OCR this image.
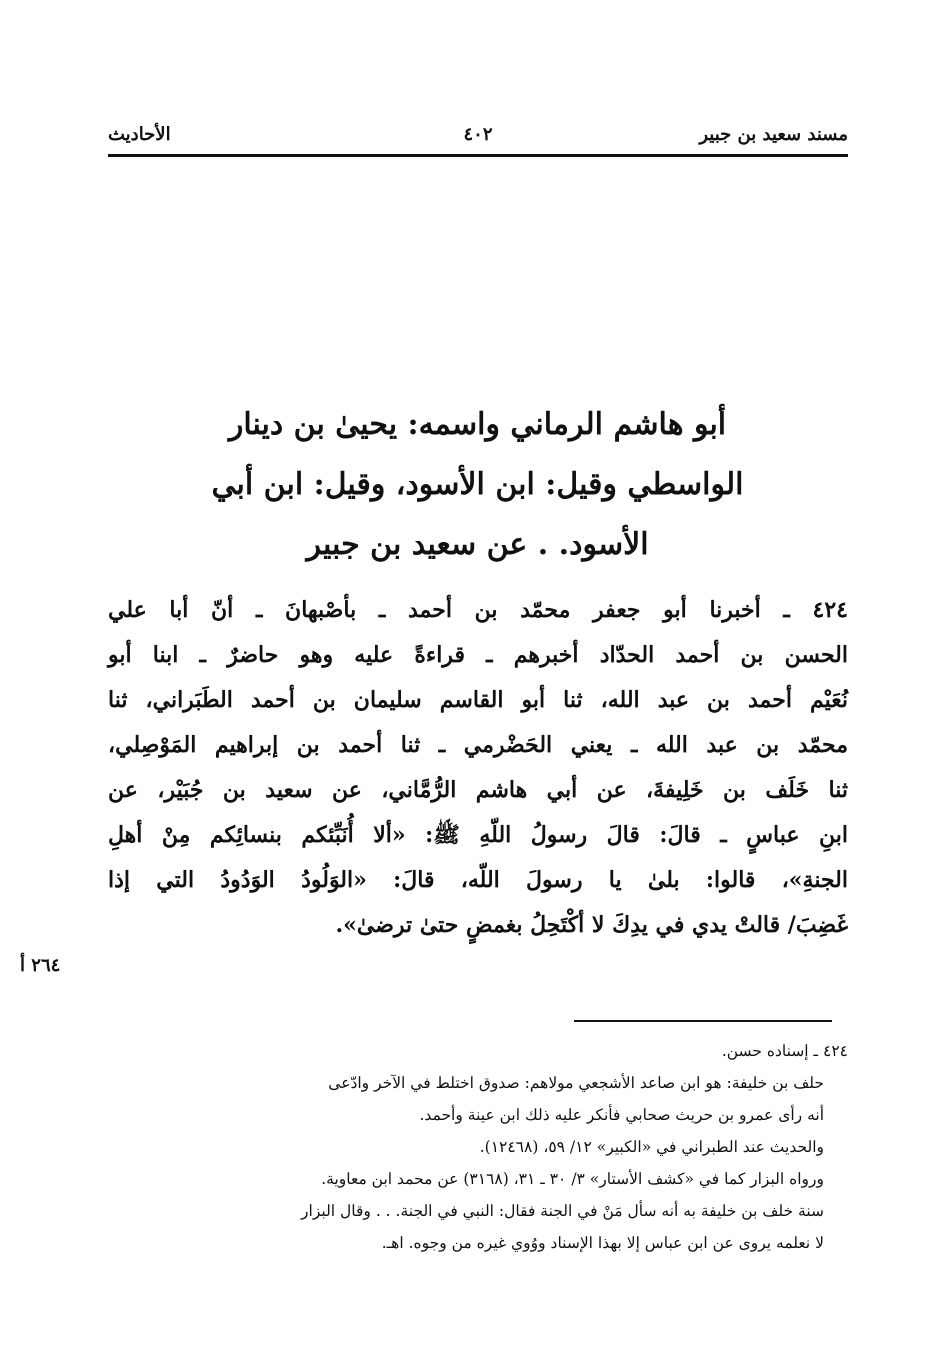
مسند سعيد بن جبير
٤٠٢
الأحاديث
أبو هاشم الرماني واسمه: يحيىٰ بن دينار
الواسطي وقيل: ابن الأسود، وقيل: ابن أبي
الأسود. . عن سعيد بن جبير
٤٢٤ ـ أخبرنا أبو جعفر محمّد بن أحمد ـ بأصْبهانَ ـ أنّ أبا علي
الحسن بن أحمد الحدّاد أخبرهم ـ قراءةً عليه وهو حاضرٌ ـ ابنا أبو
نُعَيْم أحمد بن عبد الله، ثنا أبو القاسم سليمان بن أحمد الطَبَراني، ثنا
محمّد بن عبد الله ـ يعني الحَضْرمي ـ ثنا أحمد بن إبراهيم المَوْصِلي،
ثنا خَلَف بن خَلِيفةَ، عن أبي هاشم الرُّمَّاني، عن سعيد بن جُبَيْر، عن
ابنِ عباسٍ ـ قالَ: قالَ رسولُ اللّهِ ﷺ: «ألا أُنَبِّئكم بنسائِكم مِنْ أهلِ
الجنةِ»، قالوا: بلىٰ يا رسولَ اللّه، قالَ: «الوَلُودُ الوَدُودُ التي إذا
غَضِبَ/ قالتْ يدي في يدِكَ لا أكْتَحِلُ بغمضٍ حتىٰ ترضىٰ».
٢٦٤ أ
٤٢٤ ـ إسناده حسن.
حلف بن خليفة: هو ابن صاعد الأشجعي مولاهم: صدوق اختلط في الآخر وادّعى
أنه رأى عمرو بن حريث صحابي فأنكر عليه ذلك ابن عينة وأحمد.
والحديث عند الطبراني في «الكبير» ١٢/ ٥٩، (١٢٤٦٨).
ورواه البزار كما في «كشف الأستار» ٣/ ٣٠ ـ ٣١، (٣١٦٨) عن محمد ابن معاوية.
سنة خلف بن خليفة به أنه سأل مَنْ في الجنة فقال: النبي في الجنة. . . وقال البزار
لا نعلمه يروى عن ابن عباس إلا بهذا الإسناد ووُوي غيره من وجوه. اهـ.
